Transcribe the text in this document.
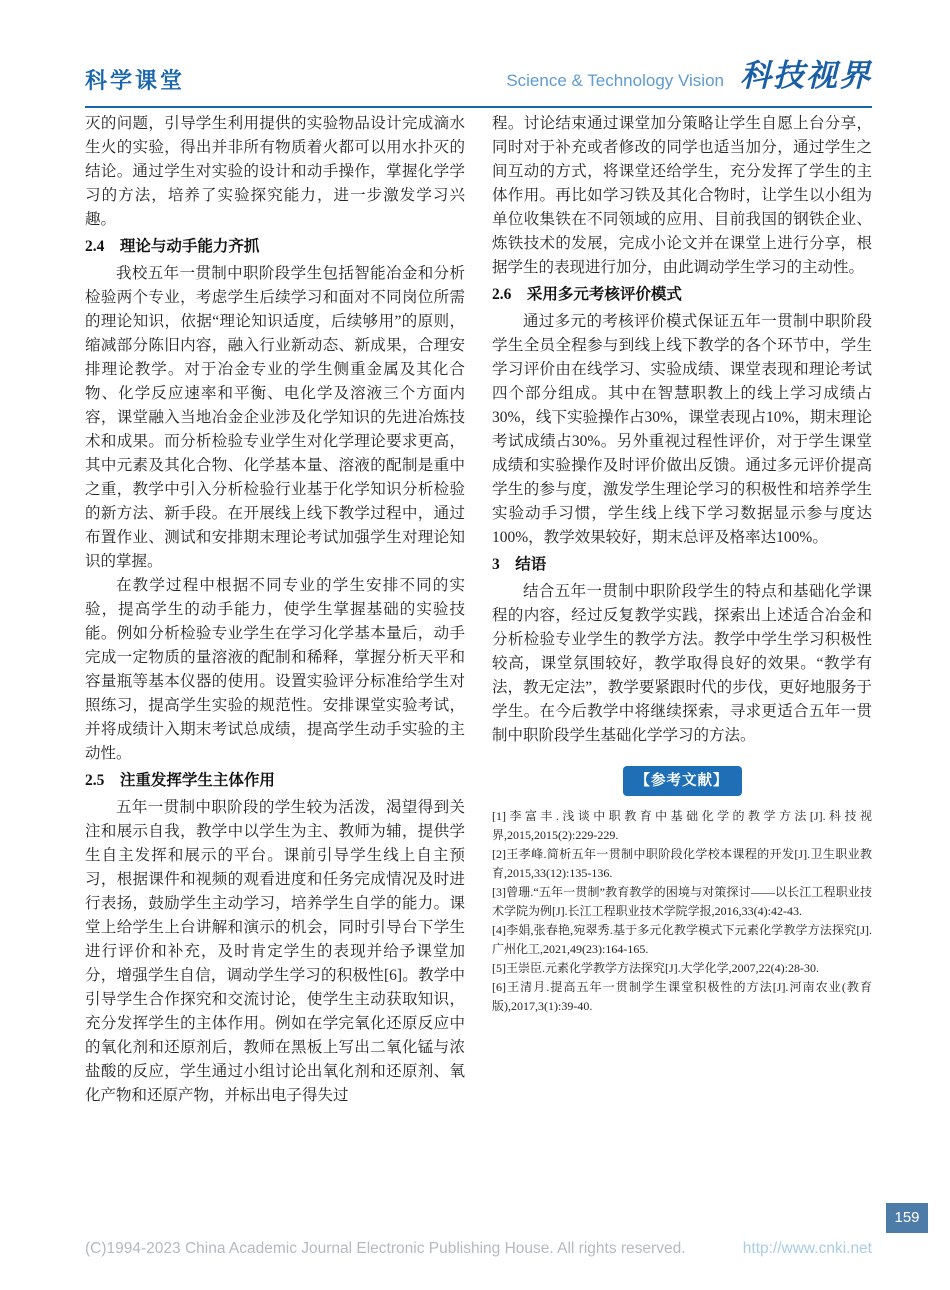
科学课堂	Science & Technology Vision 科技视界

灭的问题，引导学生利用提供的实验物品设计完成滴水生火的实验，得出并非所有物质着火都可以用水扑灭的结论。通过学生对实验的设计和动手操作，掌握化学学习的方法，培养了实验探究能力，进一步激发学习兴趣。

2.4　理论与动手能力齐抓

我校五年一贯制中职阶段学生包括智能冶金和分析检验两个专业，考虑学生后续学习和面对不同岗位所需的理论知识，依据“理论知识适度，后续够用”的原则，缩减部分陈旧内容，融入行业新动态、新成果，合理安排理论教学。对于冶金专业的学生侧重金属及其化合物、化学反应速率和平衡、电化学及溶液三个方面内容，课堂融入当地冶金企业涉及化学知识的先进冶炼技术和成果。而分析检验专业学生对化学理论要求更高，其中元素及其化合物、化学基本量、溶液的配制是重中之重，教学中引入分析检验行业基于化学知识分析检验的新方法、新手段。在开展线上线下教学过程中，通过布置作业、测试和安排期末理论考试加强学生对理论知识的掌握。

在教学过程中根据不同专业的学生安排不同的实验，提高学生的动手能力，使学生掌握基础的实验技能。例如分析检验专业学生在学习化学基本量后，动手完成一定物质的量溶液的配制和稀释，掌握分析天平和容量瓶等基本仪器的使用。设置实验评分标准给学生对照练习，提高学生实验的规范性。安排课堂实验考试，并将成绩计入期末考试总成绩，提高学生动手实验的主动性。

2.5　注重发挥学生主体作用

五年一贯制中职阶段的学生较为活泼，渴望得到关注和展示自我，教学中以学生为主、教师为辅，提供学生自主发挥和展示的平台。课前引导学生线上自主预习，根据课件和视频的观看进度和任务完成情况及时进行表扬，鼓励学生主动学习，培养学生自学的能力。课堂上给学生上台讲解和演示的机会，同时引导台下学生进行评价和补充，及时肯定学生的表现并给予课堂加分，增强学生自信，调动学生学习的积极性[6]。教学中引导学生合作探究和交流讨论，使学生主动获取知识，充分发挥学生的主体作用。例如在学完氧化还原反应中的氧化剂和还原剂后，教师在黑板上写出二氧化锰与浓盐酸的反应，学生通过小组讨论出氧化剂和还原剂、氧化产物和还原产物，并标出电子得失过

程。讨论结束通过课堂加分策略让学生自愿上台分享，同时对于补充或者修改的同学也适当加分，通过学生之间互动的方式，将课堂还给学生，充分发挥了学生的主体作用。再比如学习铁及其化合物时，让学生以小组为单位收集铁在不同领域的应用、目前我国的钢铁企业、炼铁技术的发展，完成小论文并在课堂上进行分享，根据学生的表现进行加分，由此调动学生学习的主动性。

2.6　采用多元考核评价模式

通过多元的考核评价模式保证五年一贯制中职阶段学生全员全程参与到线上线下教学的各个环节中，学生学习评价由在线学习、实验成绩、课堂表现和理论考试四个部分组成。其中在智慧职教上的线上学习成绩占30%，线下实验操作占30%，课堂表现占10%，期末理论考试成绩占30%。另外重视过程性评价，对于学生课堂成绩和实验操作及时评价做出反馈。通过多元评价提高学生的参与度，激发学生理论学习的积极性和培养学生实验动手习惯，学生线上线下学习数据显示参与度达100%，教学效果较好，期末总评及格率达100%。

3　结语

结合五年一贯制中职阶段学生的特点和基础化学课程的内容，经过反复教学实践，探索出上述适合冶金和分析检验专业学生的教学方法。教学中学生学习积极性较高，课堂氛围较好，教学取得良好的效果。“教学有法，教无定法”，教学要紧跟时代的步伐，更好地服务于学生。在今后教学中将继续探索，寻求更适合五年一贯制中职阶段学生基础化学学习的方法。

【参考文献】

[1]李富丰.浅谈中职教育中基础化学的教学方法[J].科技视界,2015,2015(2):229-229.

[2]王孝峰.简析五年一贯制中职阶段化学校本课程的开发[J].卫生职业教育,2015,33(12):135-136.

[3]曾珊.“五年一贯制”教育教学的困境与对策探讨——以长江工程职业技术学院为例[J].长江工程职业技术学院学报,2016,33(4):42-43.

[4]李娟,张春艳,宛翠秀.基于多元化教学模式下元素化学教学方法探究[J].广州化工,2021,49(23):164-165.

[5]王崇臣.元素化学教学方法探究[J].大学化学,2007,22(4):28-30.

[6]王清月.提高五年一贯制学生课堂积极性的方法[J].河南农业(教育版),2017,3(1):39-40.

159
(C)1994-2023 China Academic Journal Electronic Publishing House. All rights reserved.	http://www.cnki.net
